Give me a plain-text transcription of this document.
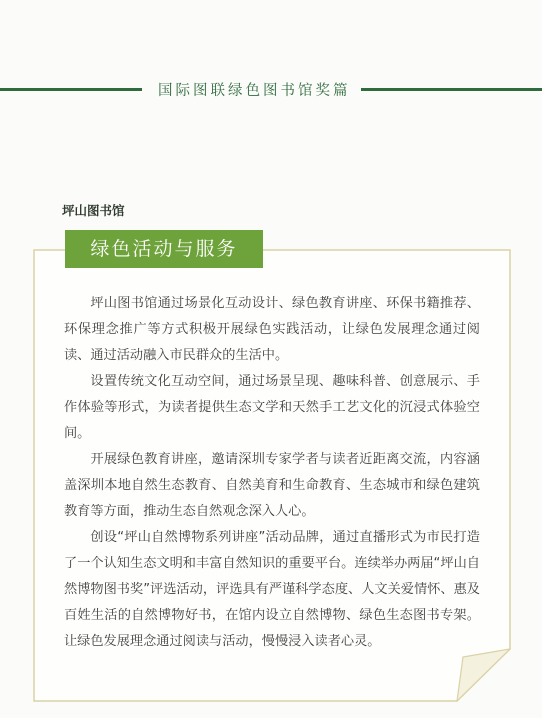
国际图联绿色图书馆奖篇
坪山图书馆
绿色活动与服务

坪山图书馆通过场景化互动设计、绿色教育讲座、环保书籍推荐、环保理念推广等方式积极开展绿色实践活动，让绿色发展理念通过阅读、通过活动融入市民群众的生活中。

设置传统文化互动空间，通过场景呈现、趣味科普、创意展示、手作体验等形式，为读者提供生态文学和天然手工艺文化的沉浸式体验空间。

开展绿色教育讲座，邀请深圳专家学者与读者近距离交流，内容涵盖深圳本地自然生态教育、自然美育和生命教育、生态城市和绿色建筑教育等方面，推动生态自然观念深入人心。

创设“坪山自然博物系列讲座”活动品牌，通过直播形式为市民打造了一个认知生态文明和丰富自然知识的重要平台。连续举办两届“坪山自然博物图书奖”评选活动，评选具有严谨科学态度、人文关爱情怀、惠及百姓生活的自然博物好书，在馆内设立自然博物、绿色生态图书专架。让绿色发展理念通过阅读与活动，慢慢浸入读者心灵。
